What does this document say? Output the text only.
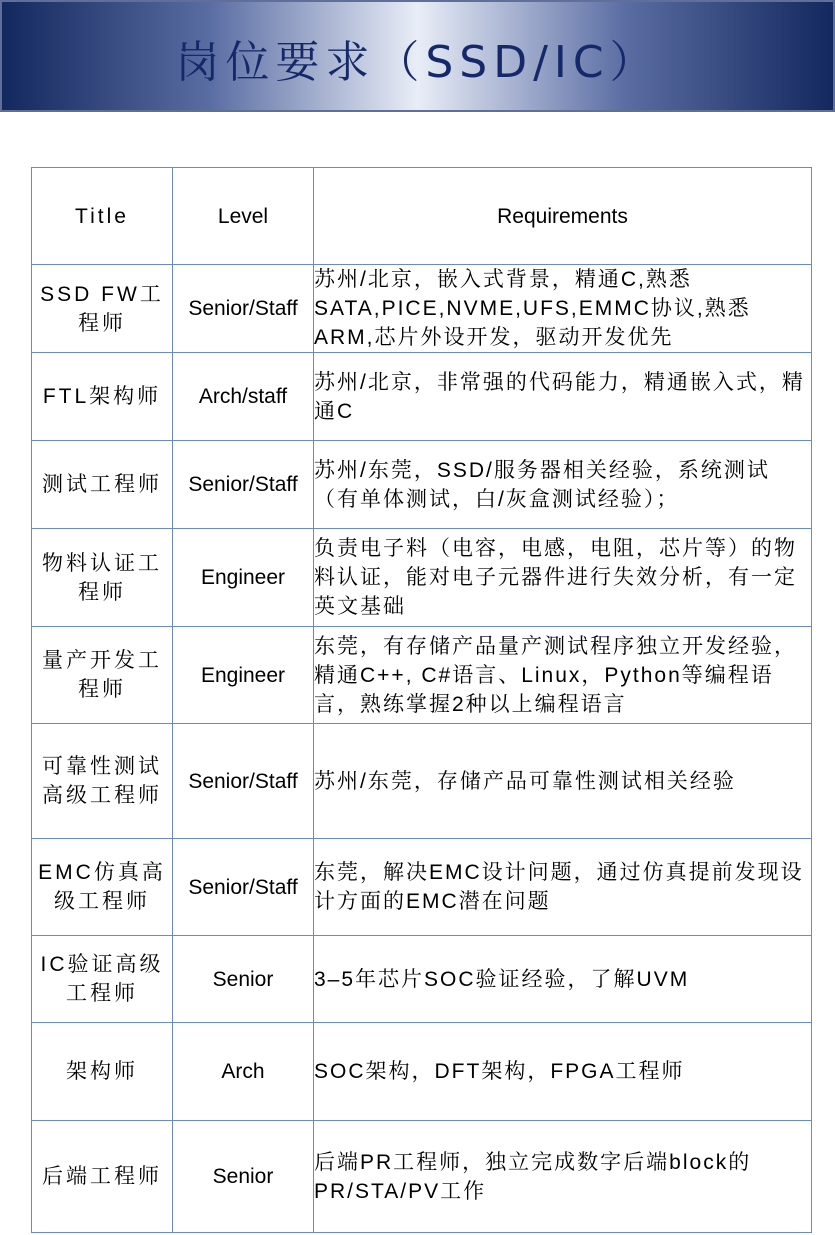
岗位要求（SSD/IC）
Title	Level	Requirements
SSD FW工程师	Senior/Staff	苏州/北京，嵌入式背景，精通C,熟悉SATA,PICE,NVME,UFS,EMMC协议,熟悉ARM,芯片外设开发，驱动开发优先
FTL架构师	Arch/staff	苏州/北京，非常强的代码能力，精通嵌入式，精通C
测试工程师	Senior/Staff	苏州/东莞，SSD/服务器相关经验，系统测试（有单体测试，白/灰盒测试经验）；
物料认证工程师	Engineer	负责电子料（电容，电感，电阻，芯片等）的物料认证，能对电子元器件进行失效分析，有一定英文基础
量产开发工程师	Engineer	东莞，有存储产品量产测试程序独立开发经验，精通C++, C#语言、Linux，Python等编程语言，熟练掌握2种以上编程语言
可靠性测试高级工程师	Senior/Staff	苏州/东莞，存储产品可靠性测试相关经验
EMC仿真高级工程师	Senior/Staff	东莞，解决EMC设计问题，通过仿真提前发现设计方面的EMC潜在问题
IC验证高级工程师	Senior	3–5年芯片SOC验证经验，了解UVM
架构师	Arch	SOC架构，DFT架构，FPGA工程师
后端工程师	Senior	后端PR工程师，独立完成数字后端block的PR/STA/PV工作
